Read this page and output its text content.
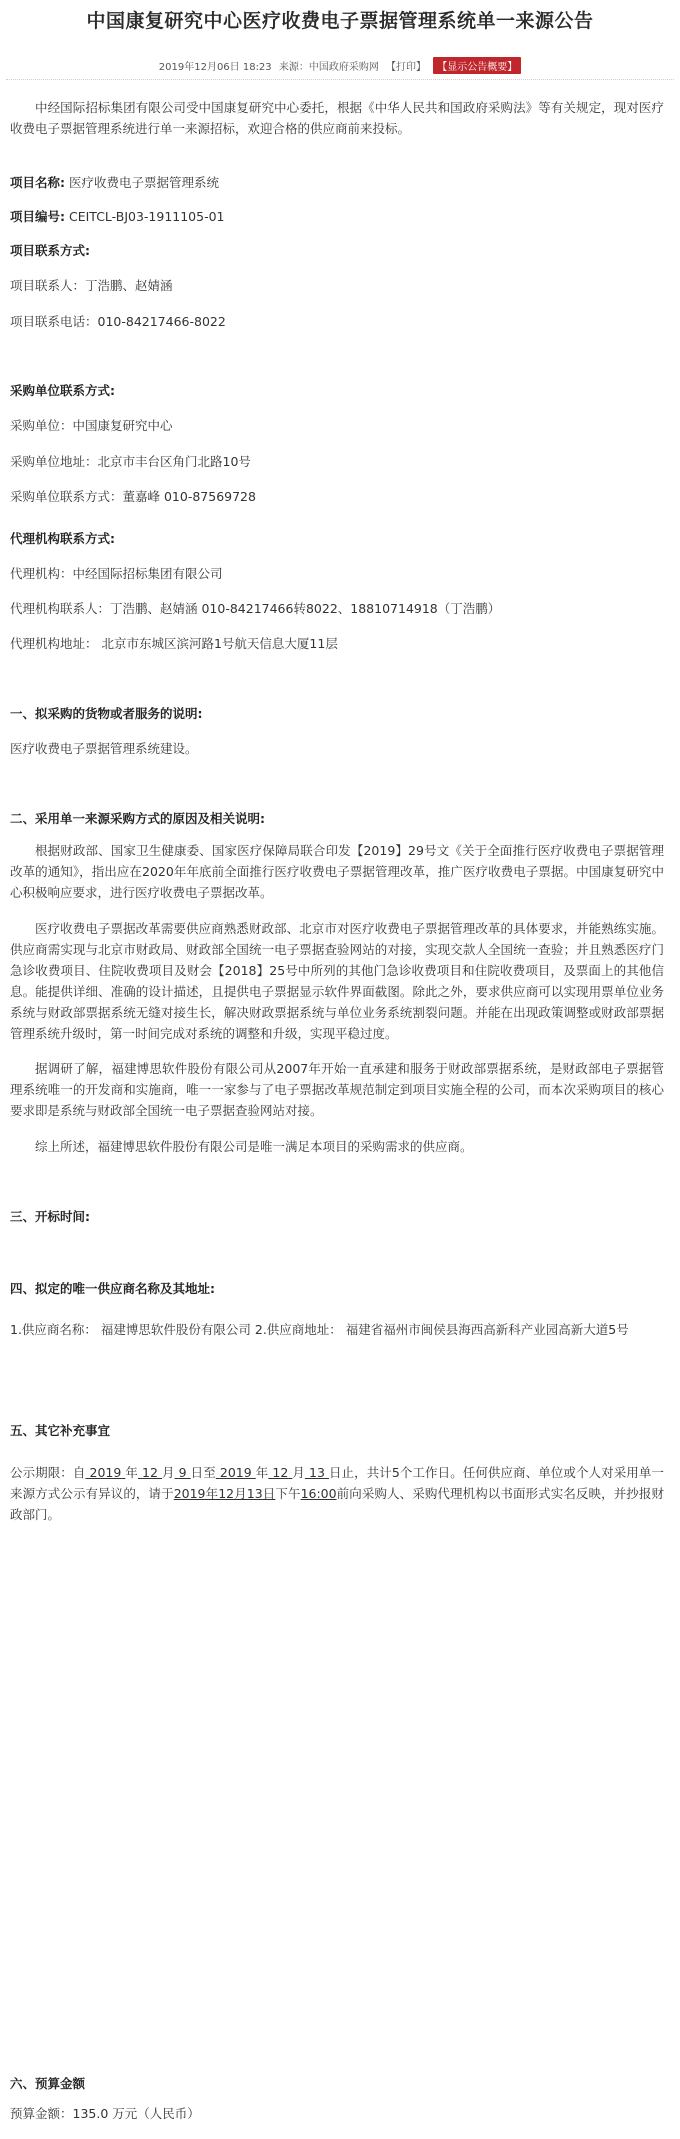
中国康复研究中心医疗收费电子票据管理系统单一来源公告
2019年12月06日 18:23 来源：中国政府采购网 【打印】 【显示公告概要】
中经国际招标集团有限公司受中国康复研究中心委托，根据《中华人民共和国政府采购法》等有关规定，现对医疗收费电子票据管理系统进行单一来源招标，欢迎合格的供应商前来投标。
项目名称: 医疗收费电子票据管理系统
项目编号: CEITCL-BJ03-1911105-01
项目联系方式:
项目联系人：丁浩鹏、赵婧涵
项目联系电话：010-84217466-8022
采购单位联系方式:
采购单位：中国康复研究中心
采购单位地址：北京市丰台区角门北路10号
采购单位联系方式：董嘉峰 010-87569728
代理机构联系方式:
代理机构：中经国际招标集团有限公司
代理机构联系人：丁浩鹏、赵婧涵 010-84217466转8022、18810714918（丁浩鹏）
代理机构地址： 北京市东城区滨河路1号航天信息大厦11层
一、拟采购的货物或者服务的说明:
医疗收费电子票据管理系统建设。
二、采用单一来源采购方式的原因及相关说明:
根据财政部、国家卫生健康委、国家医疗保障局联合印发【2019】29号文《关于全面推行医疗收费电子票据管理改革的通知》，指出应在2020年年底前全面推行医疗收费电子票据管理改革，推广医疗收费电子票据。中国康复研究中心积极响应要求，进行医疗收费电子票据改革。
医疗收费电子票据改革需要供应商熟悉财政部、北京市对医疗收费电子票据管理改革的具体要求，并能熟练实施。供应商需实现与北京市财政局、财政部全国统一电子票据查验网站的对接，实现交款人全国统一查验；并且熟悉医疗门急诊收费项目、住院收费项目及财会【2018】25号中所列的其他门急诊收费项目和住院收费项目，及票面上的其他信息。能提供详细、准确的设计描述，且提供电子票据显示软件界面截图。除此之外，要求供应商可以实现用票单位业务系统与财政部票据系统无缝对接生长，解决财政票据系统与单位业务系统割裂问题。并能在出现政策调整或财政部票据管理系统升级时，第一时间完成对系统的调整和升级，实现平稳过度。
据调研了解，福建博思软件股份有限公司从2007年开始一直承建和服务于财政部票据系统，是财政部电子票据管理系统唯一的开发商和实施商，唯一一家参与了电子票据改革规范制定到项目实施全程的公司，而本次采购项目的核心要求即是系统与财政部全国统一电子票据查验网站对接。
综上所述，福建博思软件股份有限公司是唯一满足本项目的采购需求的供应商。
三、开标时间:
四、拟定的唯一供应商名称及其地址:
1.供应商名称： 福建博思软件股份有限公司 2.供应商地址： 福建省福州市闽侯县海西高新科产业园高新大道5号
五、其它补充事宜
公示期限：自 2019 年 12 月 9 日至 2019 年 12 月 13 日止，共计5个工作日。任何供应商、单位或个人对采用单一来源方式公示有异议的，请于2019年12月13日下午16:00前向采购人、采购代理机构以书面形式实名反映，并抄报财政部门。
六、预算金额
预算金额：135.0 万元（人民币）
